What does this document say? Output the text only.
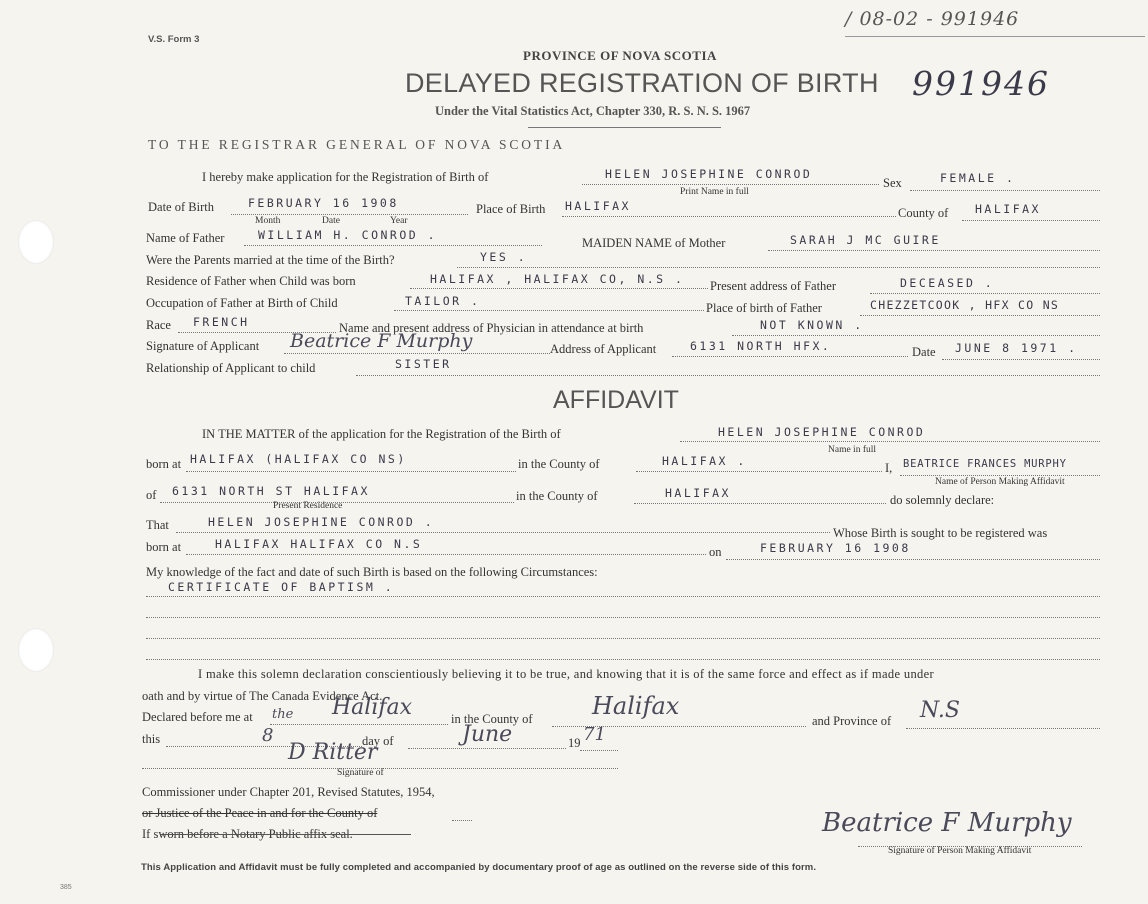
/ 08-02 - 991946
V.S. Form 3
PROVINCE OF NOVA SCOTIA
DELAYED REGISTRATION OF BIRTH 991946
Under the Vital Statistics Act, Chapter 330, R. S. N. S. 1967
TO THE REGISTRAR GENERAL OF NOVA SCOTIA
I hereby make application for the Registration of Birth of	HELEN JOSEPHINE CONROD
Print Name in full
Sex	FEMALE .
Date of Birth	FEBRUARY 16 1908
Month	Date	Year
Place of Birth HALIFAX	County of HALIFAX
Name of Father	WILLIAM H. CONROD .
MAIDEN NAME of Mother	SARAH J MC GUIRE
Were the Parents married at the time of the Birth?	YES .
Residence of Father when Child was born	HALIFAX , HALIFAX CO, N.S . Present address of Father	DECEASED .
Occupation of Father at Birth of Child	TAILOR .	Place of birth of Father	CHEZZETCOOK , HFX CO NS
Race FRENCH	Name and present address of Physician in attendance at birth	NOT KNOWN .
Signature of Applicant Beatrice F Murphy	Address of Applicant	6131 NORTH HFX.	Date JUNE 8 1971 .
Relationship of Applicant to child	SISTER
AFFIDAVIT
IN THE MATTER of the application for the Registration of the Birth of	HELEN JOSEPHINE CONROD
Name in full
born at HALIFAX (HALIFAX CO NS)	in the County of	HALIFAX .	I, BEATRICE FRANCES MURPHY
Name of Person Making Affidavit
of 6131 NORTH ST HALIFAX
Present Residence
in the County of	HALIFAX	do solemnly declare:
That	HELEN JOSEPHINE CONROD .
Whose Birth is sought to be registered was
born at	HALIFAX HALIFAX CO N.S
on	FEBRUARY 16 1908
My knowledge of the fact and date of such Birth is based on the following Circumstances:
CERTIFICATE OF BAPTISM .
I make this solemn declaration conscientiously believing it to be true, and knowing that it is of the same force and effect as if made under
oath and by virtue of The Canada Evidence Act.
Declared before me at the Halifax	in the County of Halifax
and Province of N.S
this	8	day of	June	19 71
D Ritter
Signature of
Commissioner under Chapter 201, Revised Statutes, 1954,
or Justice of the Peace in and for the County of
If sworn before a Notary Public affix seal.	Beatrice F Murphy
Signature of Person Making Affidavit
This Application and Affidavit must be fully completed and accompanied by documentary proof of age as outlined on the reverse side of this form.
385
